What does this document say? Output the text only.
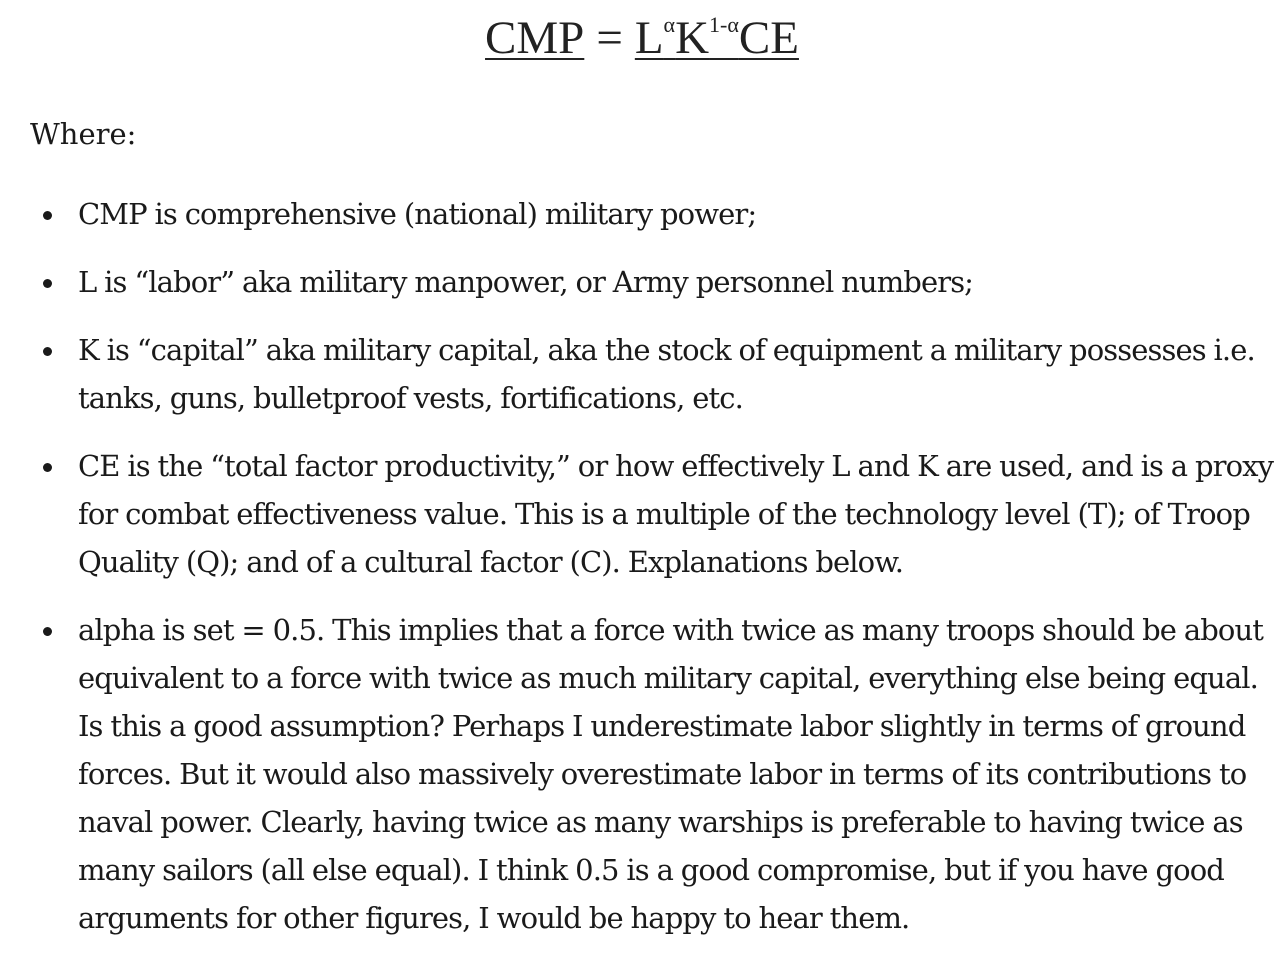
CMP = $L^\alpha K^{1-\alpha}CE$

Where:

CMP is comprehensive (national) military power;
L is “labor” aka military manpower, or Army personnel numbers;
K is “capital” aka military capital, aka the stock of equipment a military possesses i.e. tanks, guns, bulletproof vests, fortifications, etc.
CE is the “total factor productivity,” or how effectively L and K are used, and is a proxy for combat effectiveness value. This is a multiple of the technology level (T); of Troop Quality (Q); and of a cultural factor (C). Explanations below.
alpha is set = 0.5. This implies that a force with twice as many troops should be about equivalent to a force with twice as much military capital, everything else being equal. Is this a good assumption? Perhaps I underestimate labor slightly in terms of ground forces. But it would also massively overestimate labor in terms of its contributions to naval power. Clearly, having twice as many warships is preferable to having twice as many sailors (all else equal). I think 0.5 is a good compromise, but if you have good arguments for other figures, I would be happy to hear them.
